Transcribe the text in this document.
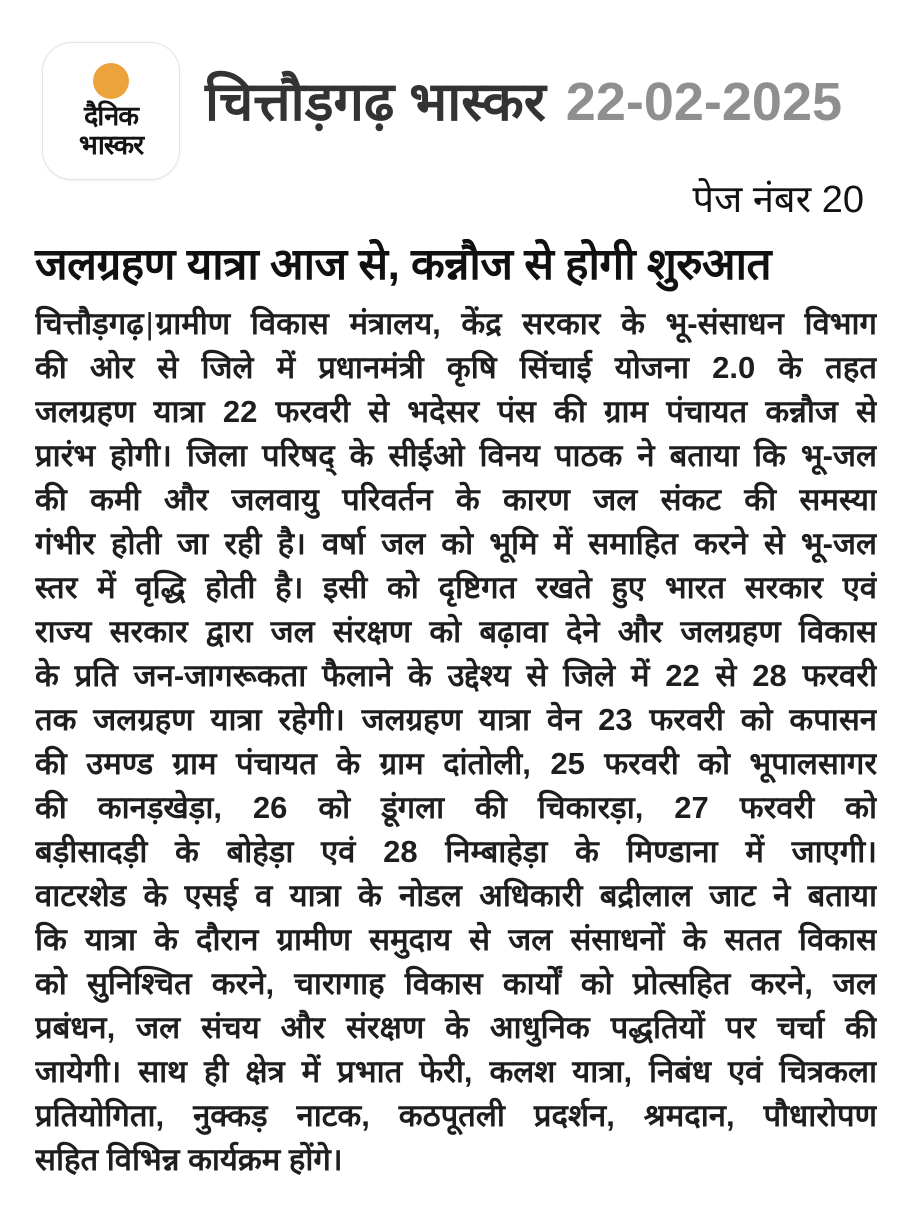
दैनिक
भास्कर
चित्तौड़गढ़ भास्कर 22-02-2025
पेज नंबर 20
जलग्रहण यात्रा आज से, कन्नौज से होगी शुरुआत
चित्तौड़गढ़|ग्रामीण विकास मंत्रालय, केंद्र सरकार के भू-संसाधन विभाग
की ओर से जिले में प्रधानमंत्री कृषि सिंचाई योजना 2.0 के तहत
जलग्रहण यात्रा 22 फरवरी से भदेसर पंस की ग्राम पंचायत कन्नौज से
प्रारंभ होगी। जिला परिषद् के सीईओ विनय पाठक ने बताया कि भू-जल
की कमी और जलवायु परिवर्तन के कारण जल संकट की समस्या
गंभीर होती जा रही है। वर्षा जल को भूमि में समाहित करने से भू-जल
स्तर में वृद्धि होती है। इसी को दृष्टिगत रखते हुए भारत सरकार एवं
राज्य सरकार द्वारा जल संरक्षण को बढ़ावा देने और जलग्रहण विकास
के प्रति जन-जागरूकता फैलाने के उद्देश्य से जिले में 22 से 28 फरवरी
तक जलग्रहण यात्रा रहेगी। जलग्रहण यात्रा वेन 23 फरवरी को कपासन
की उमण्ड ग्राम पंचायत के ग्राम दांतोली, 25 फरवरी को भूपालसागर
की कानड़खेड़ा, 26 को डूंगला की चिकारड़ा, 27 फरवरी को
बड़ीसादड़ी के बोहेड़ा एवं 28 निम्बाहेड़ा के मिण्डाना में जाएगी।
वाटरशेड के एसई व यात्रा के नोडल अधिकारी बद्रीलाल जाट ने बताया
कि यात्रा के दौरान ग्रामीण समुदाय से जल संसाधनों के सतत विकास
को सुनिश्चित करने, चारागाह विकास कार्यों को प्रोत्सहित करने, जल
प्रबंधन, जल संचय और संरक्षण के आधुनिक पद्धतियों पर चर्चा की
जायेगी। साथ ही क्षेत्र में प्रभात फेरी, कलश यात्रा, निबंध एवं चित्रकला
प्रतियोगिता, नुक्कड़ नाटक, कठपूतली प्रदर्शन, श्रमदान, पौधारोपण
सहित विभिन्न कार्यक्रम होंगे।
